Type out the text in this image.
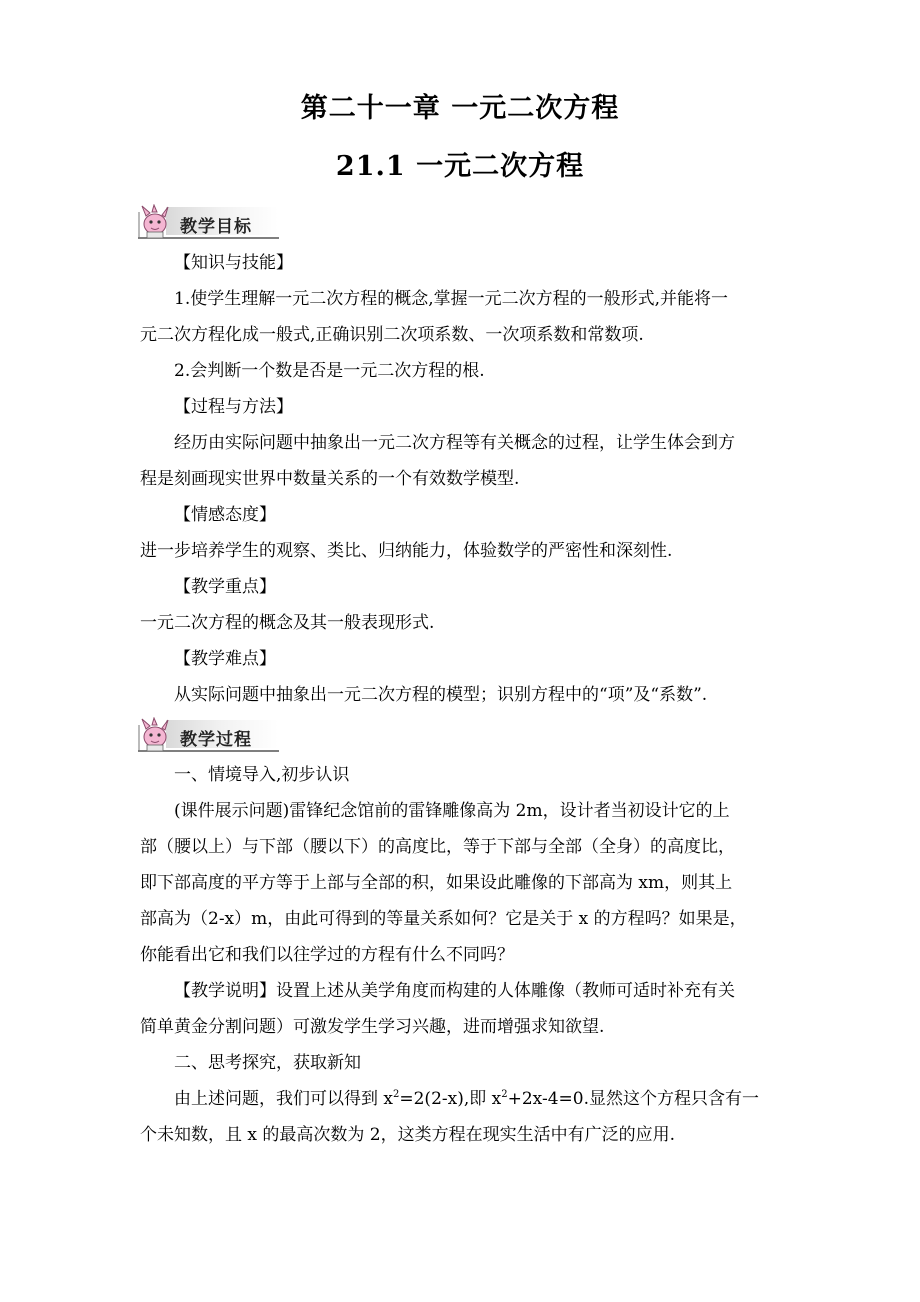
第二十一章 一元二次方程
21.1 一元二次方程
教学目标
【知识与技能】
1.使学生理解一元二次方程的概念,掌握一元二次方程的一般形式,并能将一
元二次方程化成一般式,正确识别二次项系数、一次项系数和常数项.
2.会判断一个数是否是一元二次方程的根.
【过程与方法】
经历由实际问题中抽象出一元二次方程等有关概念的过程，让学生体会到方
程是刻画现实世界中数量关系的一个有效数学模型.
【情感态度】
进一步培养学生的观察、类比、归纳能力，体验数学的严密性和深刻性.
【教学重点】
一元二次方程的概念及其一般表现形式.
【教学难点】
从实际问题中抽象出一元二次方程的模型；识别方程中的“项”及“系数”.
教学过程
一、情境导入,初步认识
(课件展示问题)雷锋纪念馆前的雷锋雕像高为 2m，设计者当初设计它的上
部（腰以上）与下部（腰以下）的高度比，等于下部与全部（全身）的高度比，
即下部高度的平方等于上部与全部的积，如果设此雕像的下部高为 xm，则其上
部高为（2-x）m，由此可得到的等量关系如何？它是关于 x 的方程吗？如果是，
你能看出它和我们以往学过的方程有什么不同吗？
【教学说明】设置上述从美学角度而构建的人体雕像（教师可适时补充有关
简单黄金分割问题）可激发学生学习兴趣，进而增强求知欲望.
二、思考探究，获取新知
由上述问题，我们可以得到 $x^2=2(2-x)$,即 $x^2+2x-4=0$.显然这个方程只含有一
个未知数，且 x 的最高次数为 2，这类方程在现实生活中有广泛的应用.
